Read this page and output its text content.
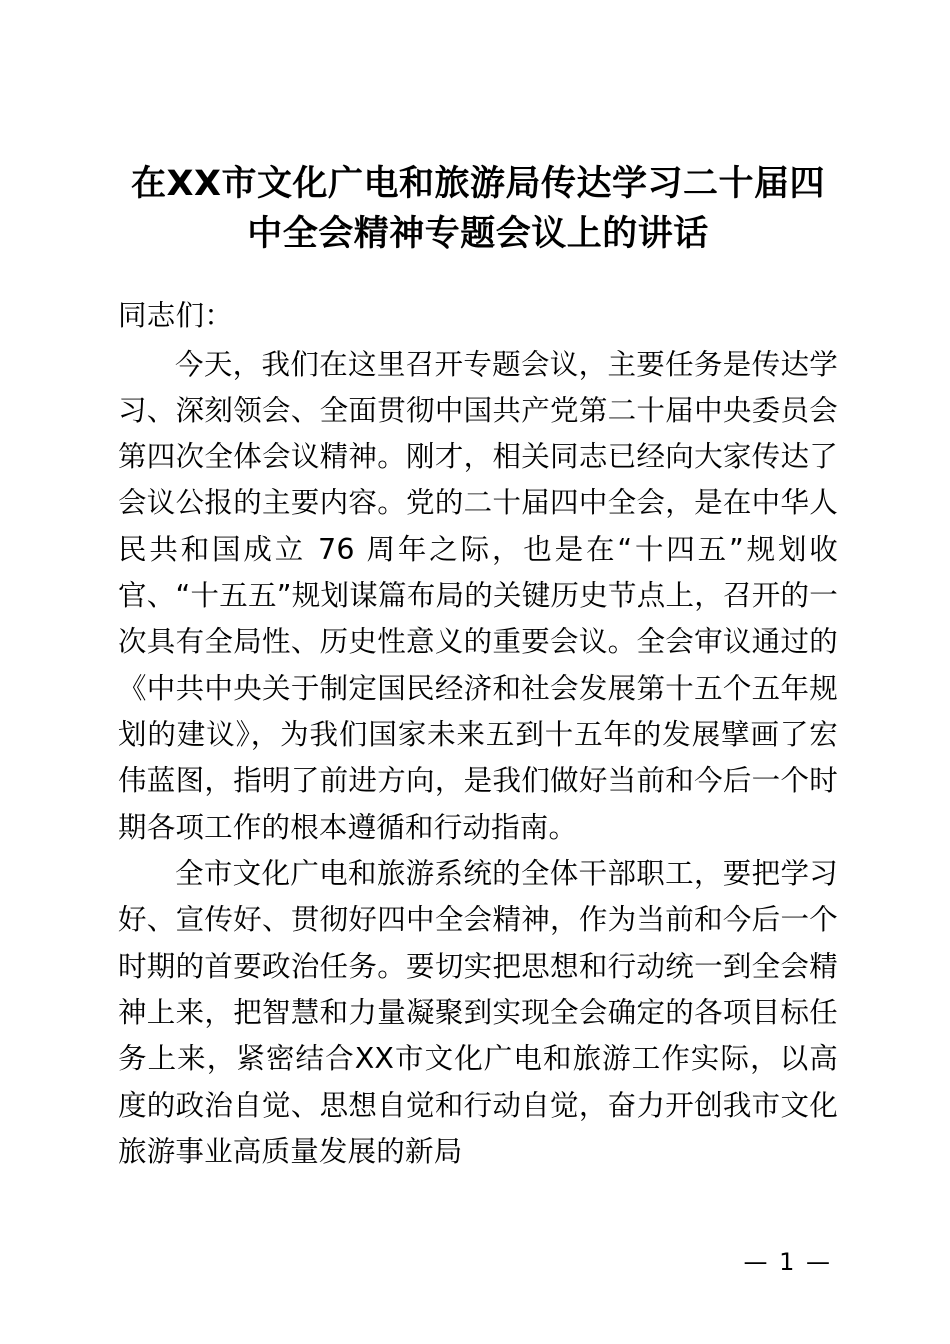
在XX市文化广电和旅游局传达学习二十届四中全会精神专题会议上的讲话

同志们：

今天，我们在这里召开专题会议，主要任务是传达学习、深刻领会、全面贯彻中国共产党第二十届中央委员会第四次全体会议精神。刚才，相关同志已经向大家传达了会议公报的主要内容。党的二十届四中全会，是在中华人民共和国成立 76 周年之际，也是在“十四五”规划收官、“十五五”规划谋篇布局的关键历史节点上，召开的一次具有全局性、历史性意义的重要会议。全会审议通过的《中共中央关于制定国民经济和社会发展第十五个五年规划的建议》，为我们国家未来五到十五年的发展擘画了宏伟蓝图，指明了前进方向，是我们做好当前和今后一个时期各项工作的根本遵循和行动指南。

全市文化广电和旅游系统的全体干部职工，要把学习好、宣传好、贯彻好四中全会精神，作为当前和今后一个时期的首要政治任务。要切实把思想和行动统一到全会精神上来，把智慧和力量凝聚到实现全会确定的各项目标任务上来，紧密结合XX市文化广电和旅游工作实际，以高度的政治自觉、思想自觉和行动自觉，奋力开创我市文化旅游事业高质量发展的新局

— 1 —
